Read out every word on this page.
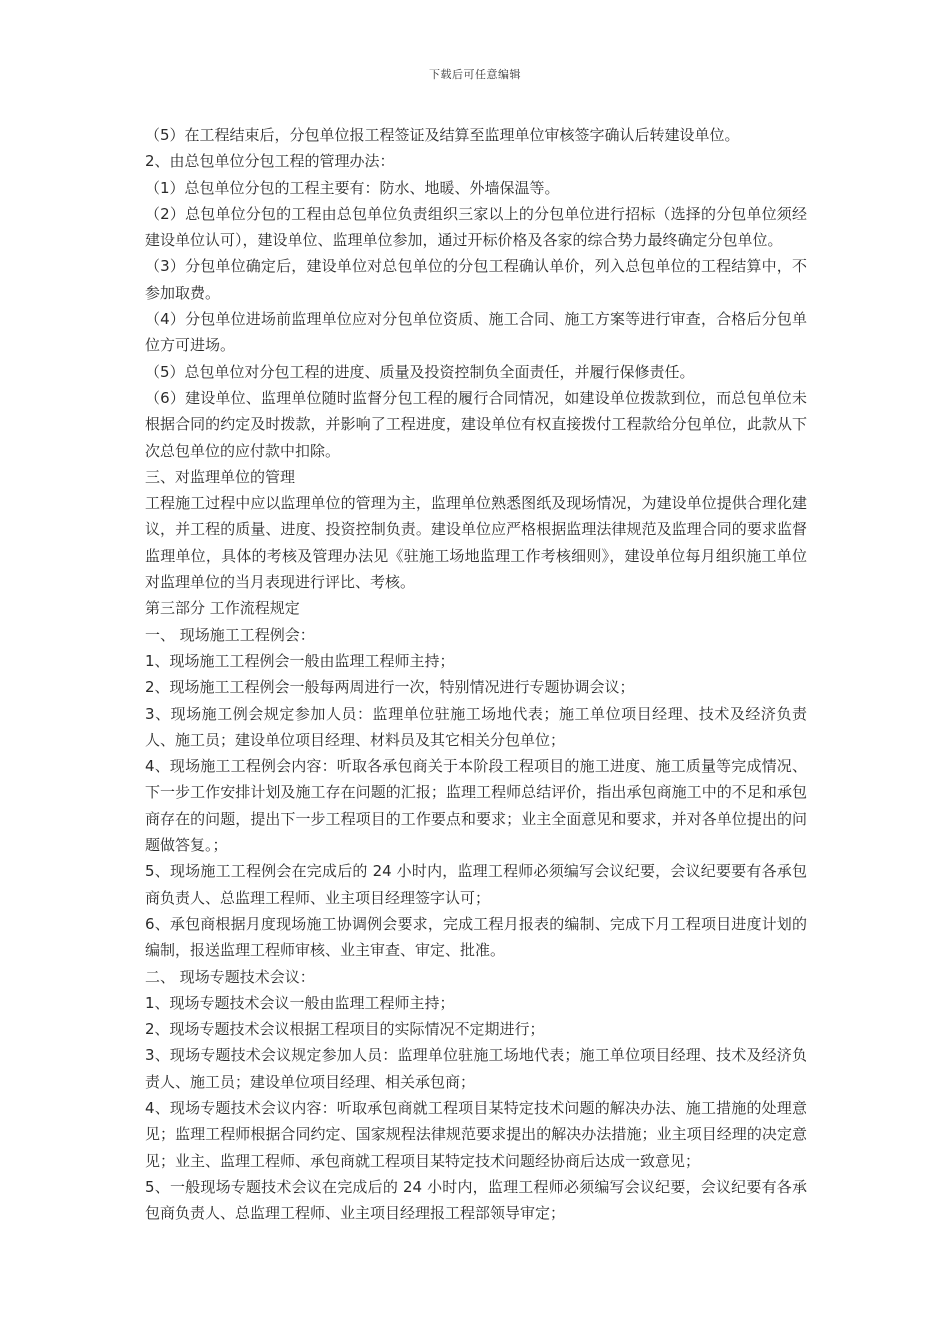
下载后可任意编辑

（5）在工程结束后，分包单位报工程签证及结算至监理单位审核签字确认后转建设单位。

2、由总包单位分包工程的管理办法：

（1）总包单位分包的工程主要有：防水、地暖、外墙保温等。

（2）总包单位分包的工程由总包单位负责组织三家以上的分包单位进行招标（选择的分包单位须经建设单位认可），建设单位、监理单位参加，通过开标价格及各家的综合势力最终确定分包单位。

（3）分包单位确定后，建设单位对总包单位的分包工程确认单价，列入总包单位的工程结算中，不参加取费。

（4）分包单位进场前监理单位应对分包单位资质、施工合同、施工方案等进行审查，合格后分包单位方可进场。

（5）总包单位对分包工程的进度、质量及投资控制负全面责任，并履行保修责任。

（6）建设单位、监理单位随时监督分包工程的履行合同情况，如建设单位拨款到位，而总包单位未根据合同的约定及时拨款，并影响了工程进度，建设单位有权直接拨付工程款给分包单位，此款从下次总包单位的应付款中扣除。

三、对监理单位的管理

工程施工过程中应以监理单位的管理为主，监理单位熟悉图纸及现场情况，为建设单位提供合理化建议，并工程的质量、进度、投资控制负责。建设单位应严格根据监理法律规范及监理合同的要求监督监理单位，具体的考核及管理办法见《驻施工场地监理工作考核细则》，建设单位每月组织施工单位对监理单位的当月表现进行评比、考核。

第三部分 工作流程规定

一、 现场施工工程例会：

1、现场施工工程例会一般由监理工程师主持；

2、现场施工工程例会一般每两周进行一次，特别情况进行专题协调会议；

3、现场施工例会规定参加人员：监理单位驻施工场地代表；施工单位项目经理、技术及经济负责人、施工员；建设单位项目经理、材料员及其它相关分包单位；

4、现场施工工程例会内容：听取各承包商关于本阶段工程项目的施工进度、施工质量等完成情况、下一步工作安排计划及施工存在问题的汇报；监理工程师总结评价，指出承包商施工中的不足和承包商存在的问题，提出下一步工程项目的工作要点和要求；业主全面意见和要求，并对各单位提出的问题做答复。；

5、现场施工工程例会在完成后的 24 小时内，监理工程师必须编写会议纪要，会议纪要要有各承包商负责人、总监理工程师、业主项目经理签字认可；

6、承包商根据月度现场施工协调例会要求，完成工程月报表的编制、完成下月工程项目进度计划的编制，报送监理工程师审核、业主审查、审定、批准。

二、 现场专题技术会议：

1、现场专题技术会议一般由监理工程师主持；

2、现场专题技术会议根据工程项目的实际情况不定期进行；

3、现场专题技术会议规定参加人员：监理单位驻施工场地代表；施工单位项目经理、技术及经济负责人、施工员；建设单位项目经理、相关承包商；

4、现场专题技术会议内容：听取承包商就工程项目某特定技术问题的解决办法、施工措施的处理意见；监理工程师根据合同约定、国家规程法律规范要求提出的解决办法措施；业主项目经理的决定意见；业主、监理工程师、承包商就工程项目某特定技术问题经协商后达成一致意见；

5、一般现场专题技术会议在完成后的 24 小时内，监理工程师必须编写会议纪要，会议纪要有各承包商负责人、总监理工程师、业主项目经理报工程部领导审定；
